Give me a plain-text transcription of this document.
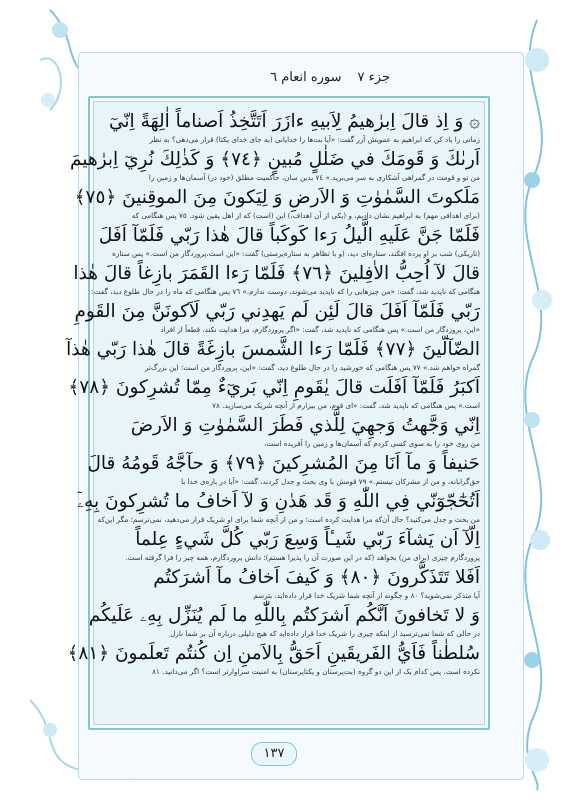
جزء ٧
سوره انعام ٦
۞ وَ اِذ قالَ اِبرٰهيمُ لِاَبيهِ ءازَرَ اَتَتَّخِذُ اَصناماً اٰلِهَةً اِنّيٓ
زمانی را یاد کن که ابراهیم به عمویش آزر گفت: «آیا بت‌ها را خدایانی (به جای خدای یکتا) قرار می‌دهی؟ به‌ نظر
اَرىٰكَ وَ قَومَكَ في ضَلٰلٍ مُبينٍ ﴿٧٤﴾ وَ كَذٰلِكَ نُرِيٓ اِبرٰهيمَ
من تو و قومت در گمراهی آشکاری به سر می‌برید.» ٧٤ بدین سان، حاکمیت مطلق (خود در) آسمان‌ها و زمین را
مَلَكوتَ السَّمٰوٰتِ وَ الاَرضِ وَ لِيَكونَ مِنَ الموقِنينَ ﴿٧٥﴾
(برای اهدافی مهم) به ابراهیم نشان دادیم، و (یکی از آن اهداف،) این (است) که از اهل یقین شود. ٧٥ پس هنگامی که
فَلَمّا جَنَّ عَلَيهِ الَّيلُ رَءا كَوكَباً قالَ هٰذا رَبّي فَلَمّآ اَفَلَ
(تاریکی) شب بر او پرده افکند، ستاره‌ای دید، (و با تظاهر به ستاره‌پرستی) گفت: «این است،پروردگار من است.» پس ستاره
قالَ لآ اُحِبُّ الاٰفِلينَ ﴿٧٦﴾ فَلَمّا رَءا القَمَرَ بازِغاً قالَ هٰذا
هنگامی که ناپدید شد، گفت: «من چیزهایی را که ناپدید می‌شوند، دوست ندارم.» ٧٦ پس هنگامی که ماه را در حال طلوع دید، گفت:
رَبّي فَلَمّآ اَفَلَ قالَ لَئِن لَم يَهدِني رَبّي لَاَكونَنَّ مِنَ القَومِ
«این، پروردگار من است.» پس هنگامی که ناپدید شد، گفت: «اگر پروردگارم، مرا هدایت نکند، قطعاً از افراد
الضّآلّينَ ﴿٧٧﴾ فَلَمّا رَءا الشَّمسَ بازِغَةً قالَ هٰذا رَبّي هٰذآ
گمراه خواهم شد.» ٧٧ پس هنگامی که خورشید را در حال طلوع دید، گفت: «این، پروردگار من است؛ این بزرگ‌تر
اَكبَرُ فَلَمّآ اَفَلَت قالَ يٰقَومِ اِنّي بَريٓءٌ مِمّا تُشرِكونَ ﴿٧٨﴾
است.» پس هنگامی که ناپدید شد، گفت: «ای قوم، من بیزارم از آنچه شریک می‌سازید. ٧٨
اِنّي وَجَّهتُ وَجهِيَ لِلَّذي فَطَرَ السَّمٰوٰتِ وَ الاَرضَ
من روی خود را به سوی کسی کردم که آسمان‌ها و زمین را آفریده است،
حَنيفاً وَ مآ اَنَا مِنَ المُشرِكينَ ﴿٧٩﴾ وَ حآجَّهُ قَومُهُ قالَ
حق‌گرایانه، و من از مشرکان نیستم.» ٧٩ قومش با وی بحث و جدل کردند، گفت: «آیا در باره‌ی خدا با
اَتُحٰٓجّوٓنّي فِي اللّٰهِ وَ قَد هَدٰنِ وَ لآ اَخافُ ما تُشرِكونَ بِهِۦٓ
من بحث و جدل می‌کنید؟ حال آن‌که مرا هدایت کرده است؛ و من از آنچه شما برای او شریک قرار می‌دهید، نمی‌ترسم؛ مگر این‌که
اِلّآ اَن يَشآءَ رَبّي شَيـٔاً وَسِعَ رَبّي كُلَّ شَيءٍ عِلماً
پروردگارم چیزی (برای من) بخواهد (که در این صورت آن را پذیرا هستم)؛ دانش پروردگارم، همه چیز را فرا گرفته است.
اَفَلا تَتَذَكَّرونَ ﴿٨٠﴾ وَ كَيفَ اَخافُ مآ اَشرَكتُم
آیا متذکر نمی‌شوید؟ ٨٠ و چگونه از آنچه شما شریک خدا قرار داده‌اید، بترسم
وَ لا تَخافونَ اَنَّكُم اَشرَكتُم بِاللّٰهِ ما لَم يُنَزِّل بِهِۦ عَلَيكُم
در حالی که شما نمی‌ترسید از اینکه چیزی را شریک خدا قرار داده‌اید که هیچ دلیلی درباره آن بر شما نازل
سُلطٰناً فَاَيُّ الفَريقَينِ اَحَقُّ بِالاَمنِ اِن كُنتُم تَعلَمونَ ﴿٨١﴾
نکرده است. پس کدام یک از این دو گروه (بت‌پرستان و یکتاپرستان) به امنیت سزاوارتر است؟ اگر می‌دانید. ٨١
١٣٧
